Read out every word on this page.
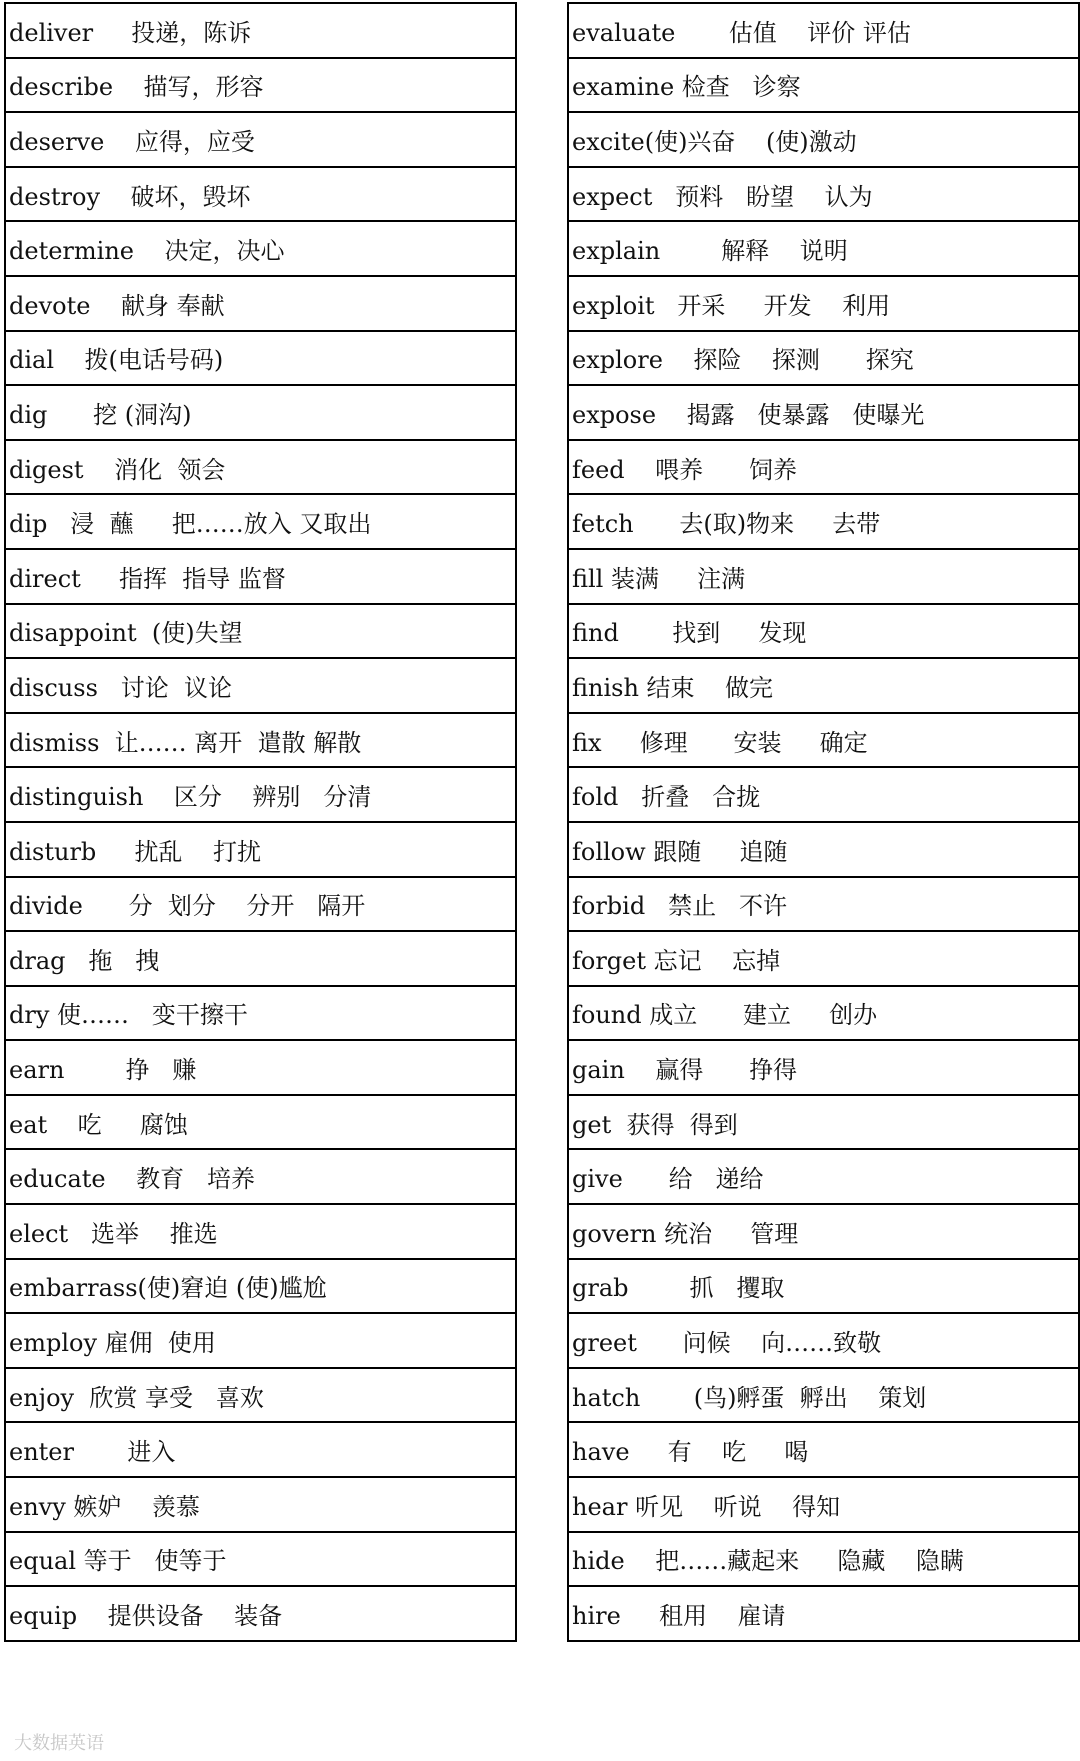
deliver     投递，陈诉
describe    描写，形容
deserve    应得，应受
destroy    破坏，毁坏
determine    决定，决心
devote    献身 奉献
dial    拨(电话号码)
dig      挖 (洞沟)
digest    消化  领会
dip   浸  蘸     把……放入 又取出
direct     指挥  指导 监督
disappoint  (使)失望
discuss   讨论  议论
dismiss  让…… 离开  遣散 解散
distinguish    区分    辨别   分清
disturb     扰乱    打扰
divide      分  划分    分开   隔开
drag   拖   拽
dry 使……   变干擦干
earn        挣   赚
eat    吃     腐蚀
educate    教育   培养
elect   选举    推选
embarrass(使)窘迫 (使)尴尬
employ 雇佣  使用
enjoy  欣赏 享受   喜欢
enter       进入
envy 嫉妒    羡慕
equal 等于   使等于
equip    提供设备    装备
evaluate       估值    评价 评估
examine 检查   诊察
excite(使)兴奋    (使)激动
expect   预料   盼望    认为
explain        解释    说明
exploit   开采     开发    利用
explore    探险    探测      探究
expose    揭露   使暴露   使曝光
feed    喂养      饲养
fetch      去(取)物来     去带
fill 装满     注满
find       找到     发现
finish 结束    做完
fix     修理      安装     确定
fold   折叠   合拢
follow 跟随     追随
forbid   禁止   不许
forget 忘记    忘掉
found 成立      建立     创办
gain    赢得      挣得
get  获得  得到
give      给   递给
govern 统治     管理
grab        抓   攫取
greet      问候    向……致敬
hatch       (鸟)孵蛋  孵出    策划
have     有    吃     喝
hear 听见    听说    得知
hide    把……藏起来     隐藏    隐瞒
hire     租用    雇请
大数据英语
